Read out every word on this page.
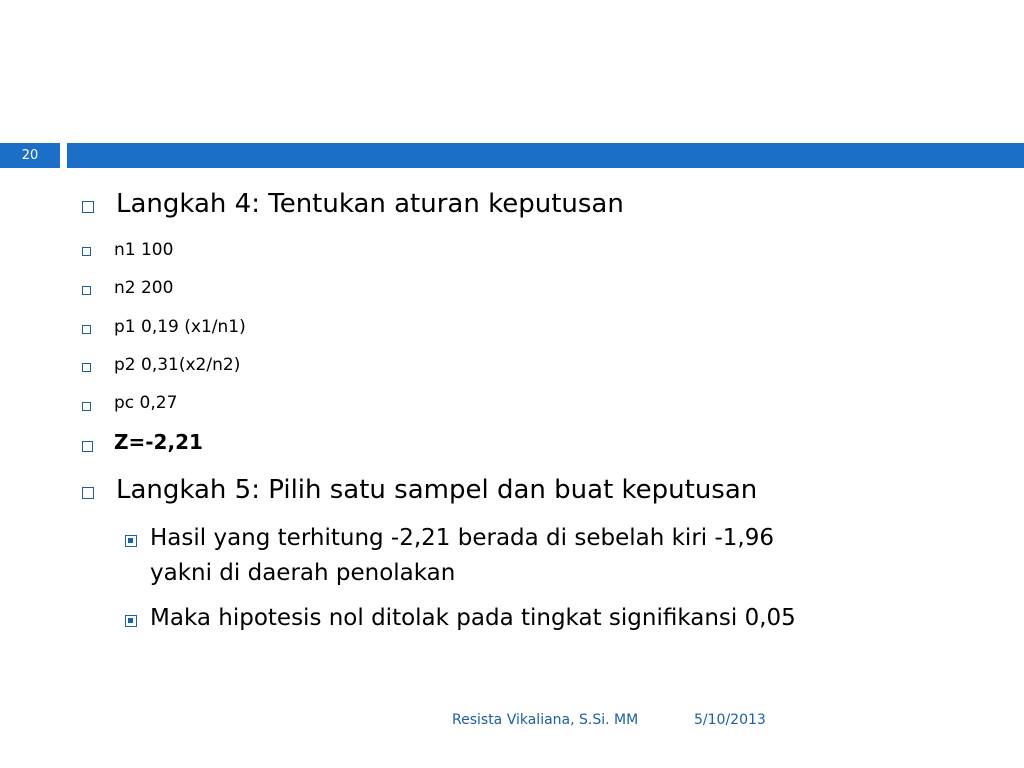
20
Langkah 4: Tentukan aturan keputusan
n1 100
n2 200
p1 0,19 (x1/n1)
p2 0,31(x2/n2)
pc 0,27
Z=-2,21
Langkah 5: Pilih satu sampel dan buat keputusan
Hasil yang terhitung -2,21 berada di sebelah kiri -1,96
yakni di daerah penolakan
Maka hipotesis nol ditolak pada tingkat signifikansi 0,05
Resista Vikaliana, S.Si. MM	5/10/2013
